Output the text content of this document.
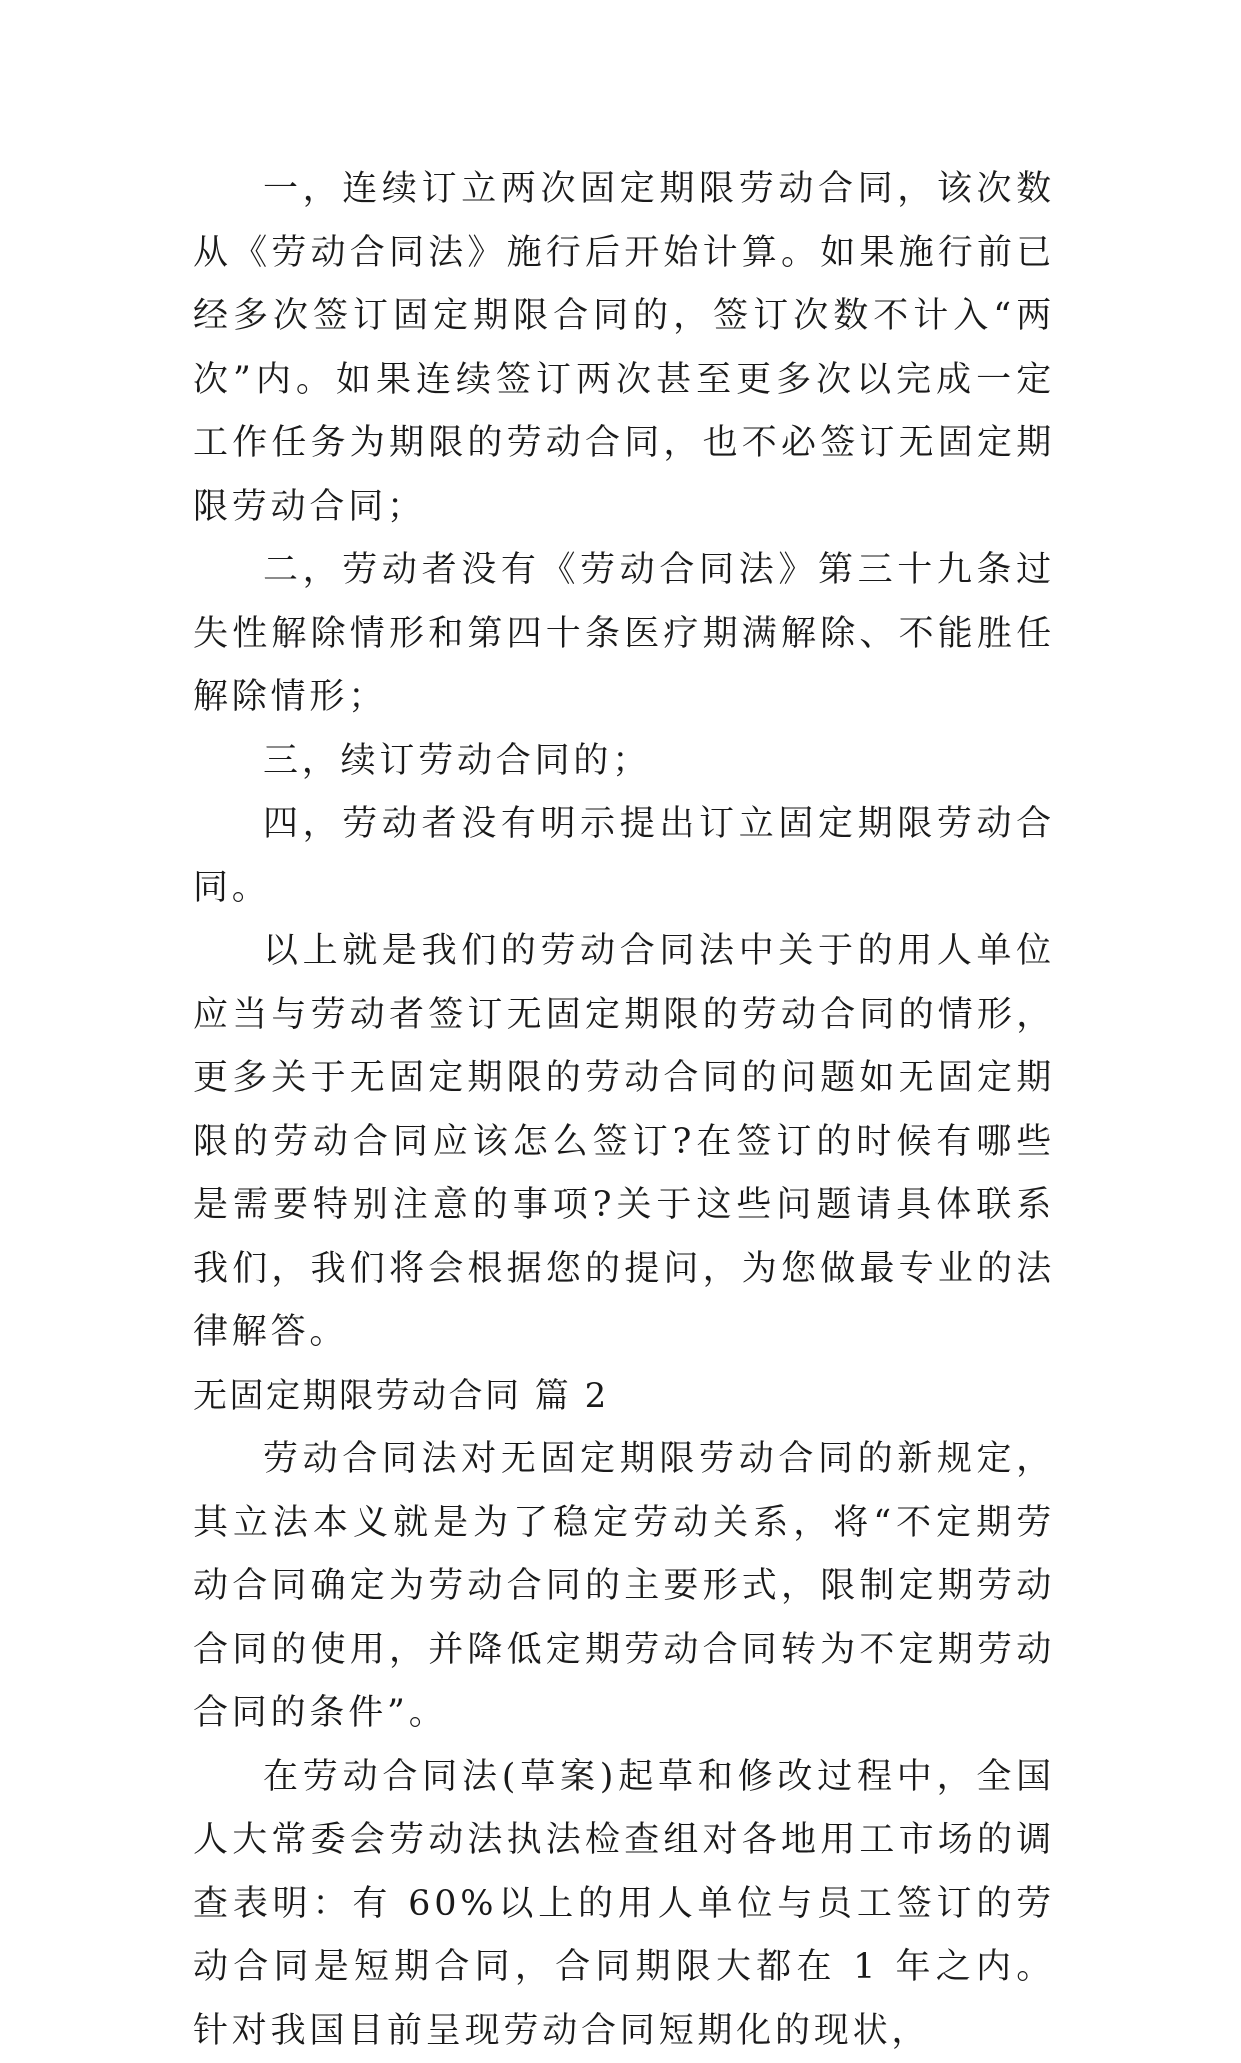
一，连续订立两次固定期限劳动合同，该次数从《劳动合同法》施行后开始计算。如果施行前已经多次签订固定期限合同的，签订次数不计入“两次”内。如果连续签订两次甚至更多次以完成一定工作任务为期限的劳动合同，也不必签订无固定期限劳动合同；

二，劳动者没有《劳动合同法》第三十九条过失性解除情形和第四十条医疗期满解除、不能胜任解除情形；

三，续订劳动合同的；

四，劳动者没有明示提出订立固定期限劳动合同。

以上就是我们的劳动合同法中关于的用人单位应当与劳动者签订无固定期限的劳动合同的情形，更多关于无固定期限的劳动合同的问题如无固定期限的劳动合同应该怎么签订?在签订的时候有哪些是需要特别注意的事项?关于这些问题请具体联系我们，我们将会根据您的提问，为您做最专业的法律解答。

无固定期限劳动合同 篇 2

劳动合同法对无固定期限劳动合同的新规定，其立法本义就是为了稳定劳动关系，将“不定期劳动合同确定为劳动合同的主要形式，限制定期劳动合同的使用，并降低定期劳动合同转为不定期劳动合同的条件”。

在劳动合同法(草案)起草和修改过程中，全国人大常委会劳动法执法检查组对各地用工市场的调查表明：有 60%以上的用人单位与员工签订的劳动合同是短期合同，合同期限大都在 1 年之内。针对我国目前呈现劳动合同短期化的现状，
